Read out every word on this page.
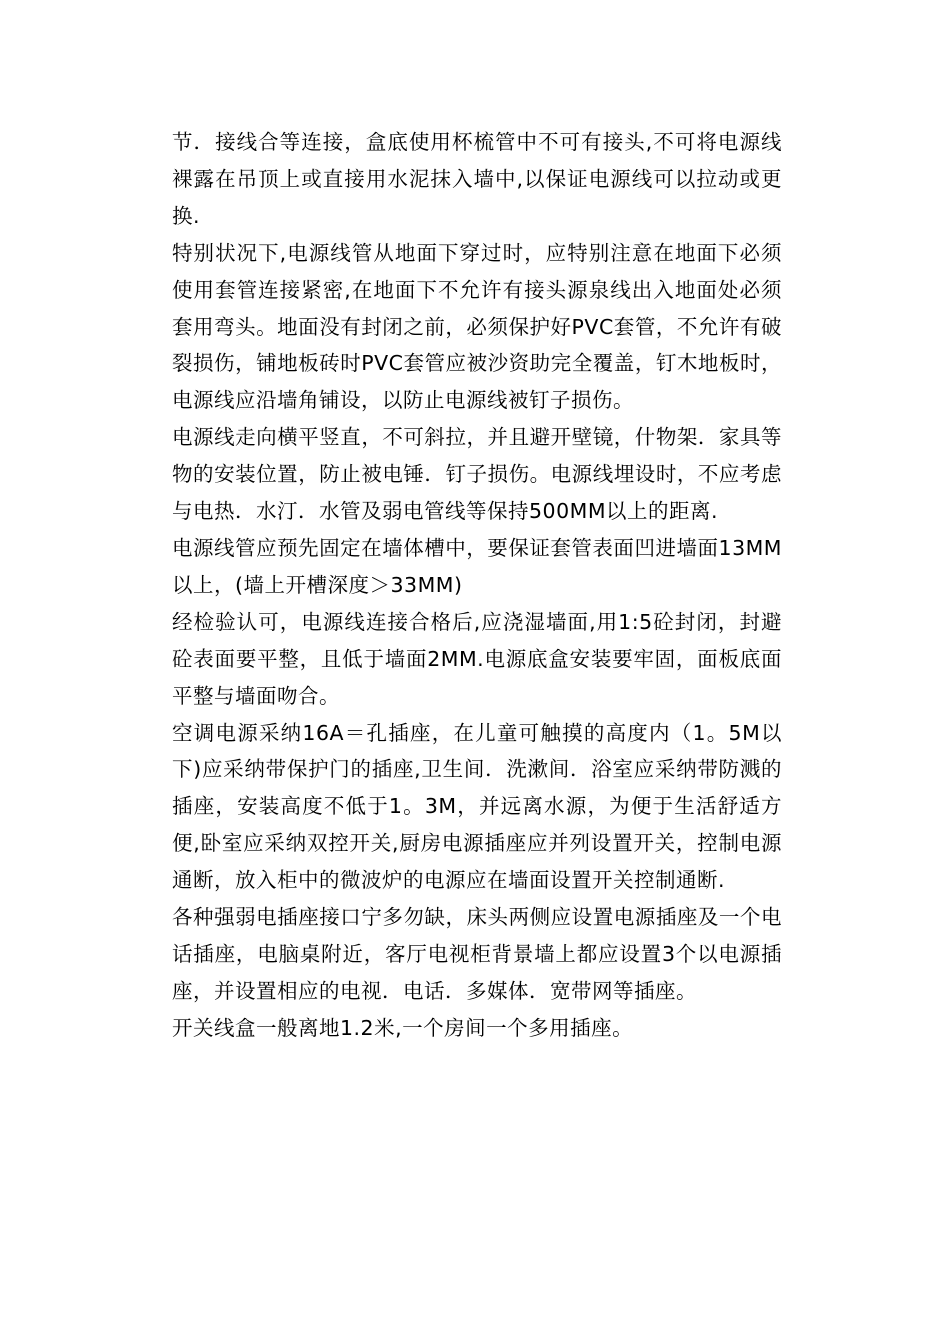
节．接线合等连接，盒底使用杯梳管中不可有接头,不可将电源线裸露在吊顶上或直接用水泥抹入墙中,以保证电源线可以拉动或更换.

特别状况下,电源线管从地面下穿过时，应特别注意在地面下必须使用套管连接紧密,在地面下不允许有接头源泉线出入地面处必须套用弯头。地面没有封闭之前，必须保护好PVC套管，不允许有破裂损伤，铺地板砖时PVC套管应被沙资助完全覆盖，钉木地板时，电源线应沿墙角铺设，以防止电源线被钉子损伤。

电源线走向横平竖直，不可斜拉，并且避开壁镜，什物架．家具等物的安装位置，防止被电锤．钉子损伤。电源线埋设时，不应考虑与电热．水汀．水管及弱电管线等保持500MM以上的距离.

电源线管应预先固定在墙体槽中，要保证套管表面凹进墙面13MM以上，(墙上开槽深度＞33MM)

经检验认可，电源线连接合格后,应浇湿墙面,用1:5砼封闭，封避砼表面要平整，且低于墙面2MM.电源底盒安装要牢固，面板底面平整与墙面吻合。

空调电源采纳16A＝孔插座，在儿童可触摸的高度内（1。5M以下)应采纳带保护门的插座,卫生间．洗漱间．浴室应采纳带防溅的插座，安装高度不低于1。3M，并远离水源，为便于生活舒适方便,卧室应采纳双控开关,厨房电源插座应并列设置开关，控制电源通断，放入柜中的微波炉的电源应在墙面设置开关控制通断.

各种强弱电插座接口宁多勿缺，床头两侧应设置电源插座及一个电话插座，电脑桌附近，客厅电视柜背景墙上都应设置3个以电源插座，并设置相应的电视．电话．多媒体．宽带网等插座。

开关线盒一般离地1.2米,一个房间一个多用插座。
